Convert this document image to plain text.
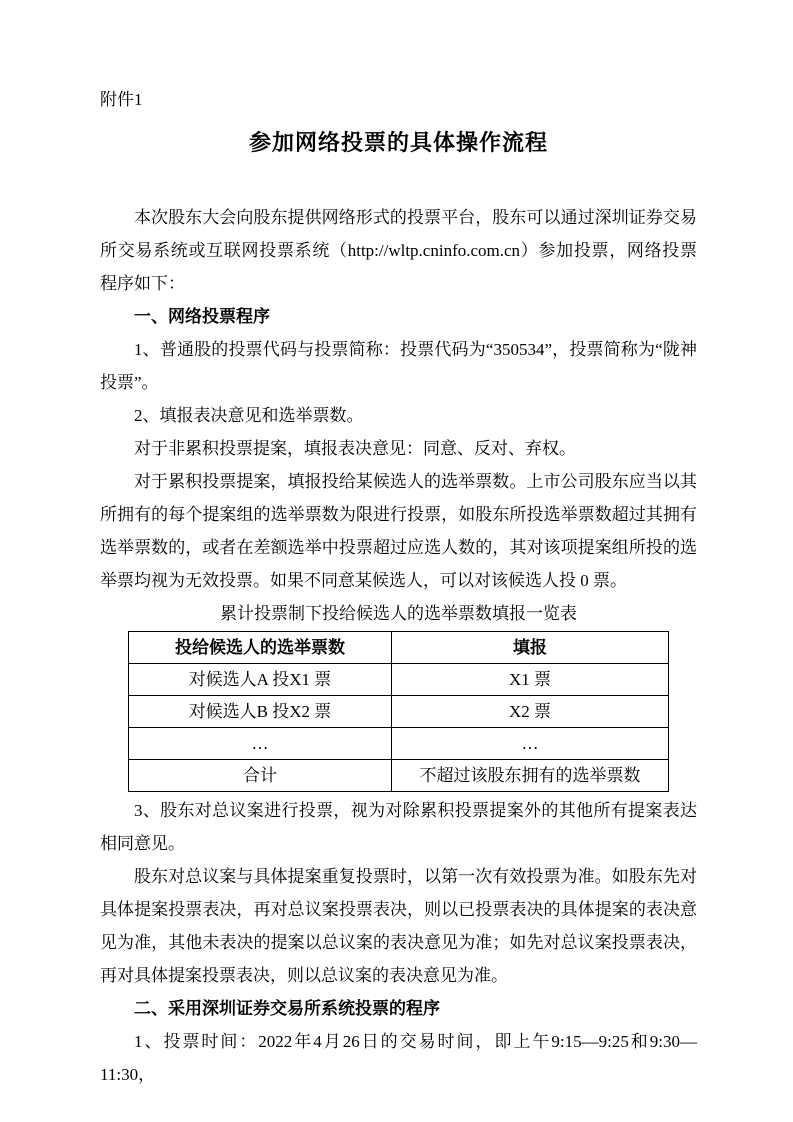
附件1
参加网络投票的具体操作流程

本次股东大会向股东提供网络形式的投票平台，股东可以通过深圳证券交易所交易系统或互联网投票系统（http://wltp.cninfo.com.cn）参加投票，网络投票程序如下：

一、网络投票程序

1、普通股的投票代码与投票简称：投票代码为“350534”，投票简称为“陇神投票”。

2、填报表决意见和选举票数。

对于非累积投票提案，填报表决意见：同意、反对、弃权。

对于累积投票提案，填报投给某候选人的选举票数。上市公司股东应当以其所拥有的每个提案组的选举票数为限进行投票，如股东所投选举票数超过其拥有选举票数的，或者在差额选举中投票超过应选人数的，其对该项提案组所投的选举票均视为无效投票。如果不同意某候选人，可以对该候选人投 0 票。

累计投票制下投给候选人的选举票数填报一览表

投给候选人的选举票数	填报
对候选人A 投X1 票	X1 票
对候选人B 投X2 票	X2 票
…	…
合计	不超过该股东拥有的选举票数

3、股东对总议案进行投票，视为对除累积投票提案外的其他所有提案表达相同意见。

股东对总议案与具体提案重复投票时，以第一次有效投票为准。如股东先对具体提案投票表决，再对总议案投票表决，则以已投票表决的具体提案的表决意见为准，其他未表决的提案以总议案的表决意见为准；如先对总议案投票表决，再对具体提案投票表决，则以总议案的表决意见为准。

二、采用深圳证券交易所系统投票的程序

1、投票时间：2022年4月26日的交易时间，即上午9:15—9:25和9:30—11:30，
